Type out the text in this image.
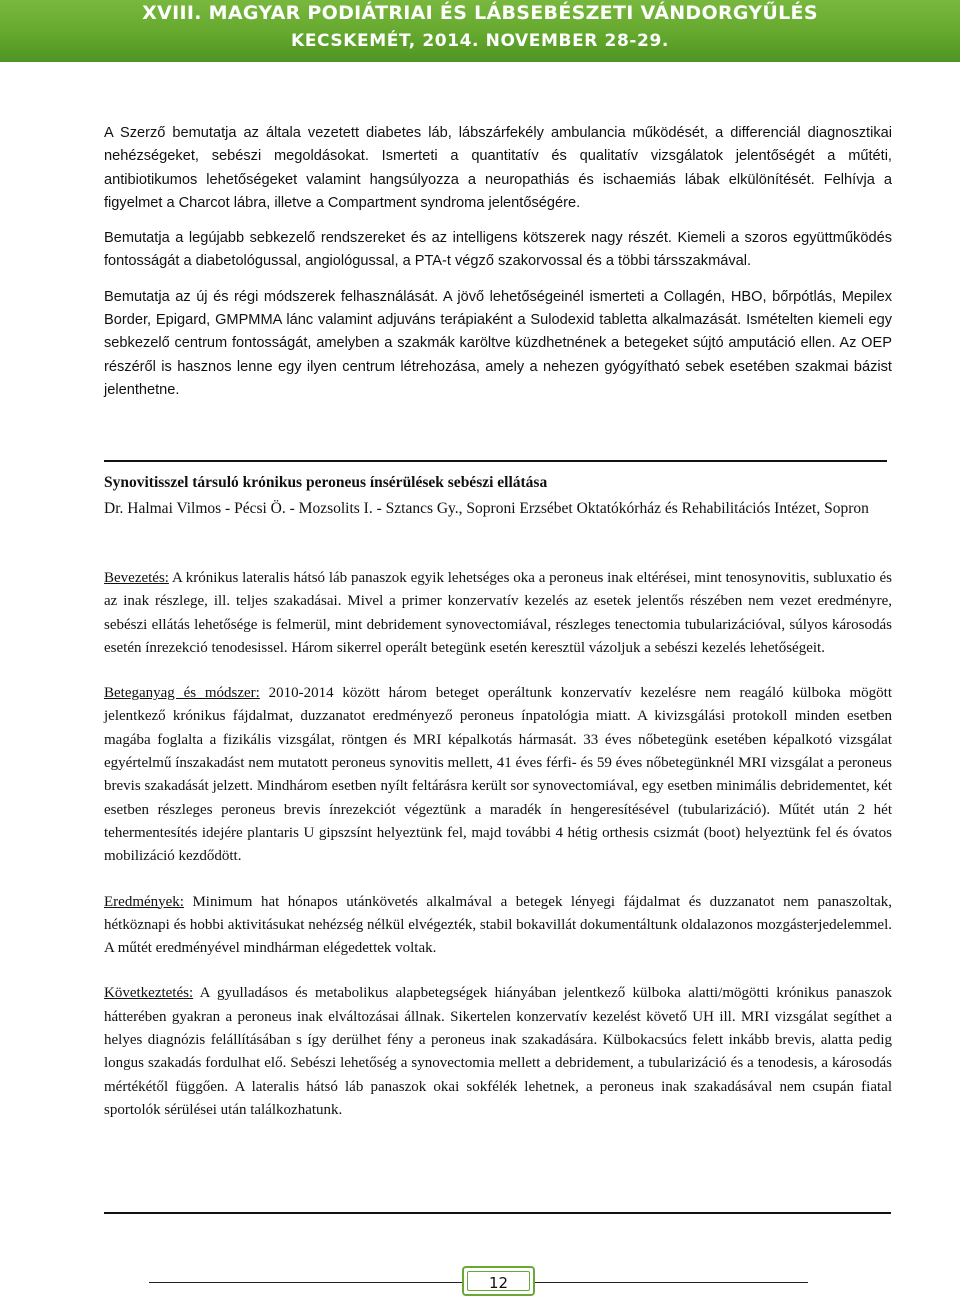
XVIII. MAGYAR PODIÁTRIAI ÉS LÁBSEBÉSZETI VÁNDORGYŰLÉS
KECSKEMÉT, 2014. NOVEMBER 28-29.

A Szerző bemutatja az általa vezetett diabetes láb, lábszárfekély ambulancia működését, a differenciál diagnosztikai nehézségeket, sebészi megoldásokat. Ismerteti a quantitatív és qualitatív vizsgálatok jelentőségét a műtéti, antibiotikumos lehetőségeket valamint hangsúlyozza a neuropathiás és ischaemiás lábak elkülönítését. Felhívja a figyelmet a Charcot lábra, illetve a Compartment syndroma jelentőségére.

Bemutatja a legújabb sebkezelő rendszereket és az intelligens kötszerek nagy részét. Kiemeli a szoros együttműködés fontosságát a diabetológussal, angiológussal, a PTA-t végző szakorvossal és a többi társszakmával.

Bemutatja az új és régi módszerek felhasználását. A jövő lehetőségeinél ismerteti a Collagén, HBO, bőrpótlás, Mepilex Border, Epigard, GMPMMA lánc valamint adjuváns terápiaként a Sulodexid tabletta alkalmazását. Ismételten kiemeli egy sebkezelő centrum fontosságát, amelyben a szakmák karöltve küzdhetnének a betegeket sújtó amputáció ellen. Az OEP részéről is hasznos lenne egy ilyen centrum létrehozása, amely a nehezen gyógyítható sebek esetében szakmai bázist jelenthetne.

Synovitisszel társuló krónikus peroneus ínsérülések sebészi ellátása
Dr. Halmai Vilmos - Pécsi Ö. - Mozsolits I. - Sztancs Gy., Soproni Erzsébet Oktatókórház és Rehabilitációs Intézet, Sopron

Bevezetés: A krónikus lateralis hátsó láb panaszok egyik lehetséges oka a peroneus inak eltérései, mint tenosynovitis, subluxatio és az inak részlege, ill. teljes szakadásai. Mivel a primer konzervatív kezelés az esetek jelentős részében nem vezet eredményre, sebészi ellátás lehetősége is felmerül, mint debridement synovectomiával, részleges tenectomia tubularizációval, súlyos károsodás esetén ínrezekció tenodesissel. Három sikerrel operált betegünk esetén keresztül vázoljuk a sebészi kezelés lehetőségeit.

Beteganyag és módszer: 2010-2014 között három beteget operáltunk konzervatív kezelésre nem reagáló külboka mögött jelentkező krónikus fájdalmat, duzzanatot eredményező peroneus ínpatológia miatt. A kivizsgálási protokoll minden esetben magába foglalta a fizikális vizsgálat, röntgen és MRI képalkotás hármasát. 33 éves nőbetegünk esetében képalkotó vizsgálat egyértelmű ínszakadást nem mutatott peroneus synovitis mellett, 41 éves férfi- és 59 éves nőbetegünknél MRI vizsgálat a peroneus brevis szakadását jelzett. Mindhárom esetben nyílt feltárásra került sor synovectomiával, egy esetben minimális debridementet, két esetben részleges peroneus brevis ínrezekciót végeztünk a maradék ín hengeresítésével (tubularizáció). Műtét után 2 hét tehermentesítés idejére plantaris U gipszsínt helyeztünk fel, majd további 4 hétig orthesis csizmát (boot) helyeztünk fel és óvatos mobilizáció kezdődött.

Eredmények: Minimum hat hónapos utánkövetés alkalmával a betegek lényegi fájdalmat és duzzanatot nem panaszoltak, hétköznapi és hobbi aktivitásukat nehézség nélkül elvégezték, stabil bokavillát dokumentáltunk oldalazonos mozgásterjedelemmel. A műtét eredményével mindhárman elégedettek voltak.

Következtetés: A gyulladásos és metabolikus alapbetegségek hiányában jelentkező külboka alatti/mögötti krónikus panaszok hátterében gyakran a peroneus inak elváltozásai állnak. Sikertelen konzervatív kezelést követő UH ill. MRI vizsgálat segíthet a helyes diagnózis felállításában s így derülhet fény a peroneus inak szakadására. Külbokacsúcs felett inkább brevis, alatta pedig longus szakadás fordulhat elő. Sebészi lehetőség a synovectomia mellett a debridement, a tubularizáció és a tenodesis, a károsodás mértékétől függően. A lateralis hátsó láb panaszok okai sokfélék lehetnek, a peroneus inak szakadásával nem csupán fiatal sportolók sérülései után találkozhatunk.

12
